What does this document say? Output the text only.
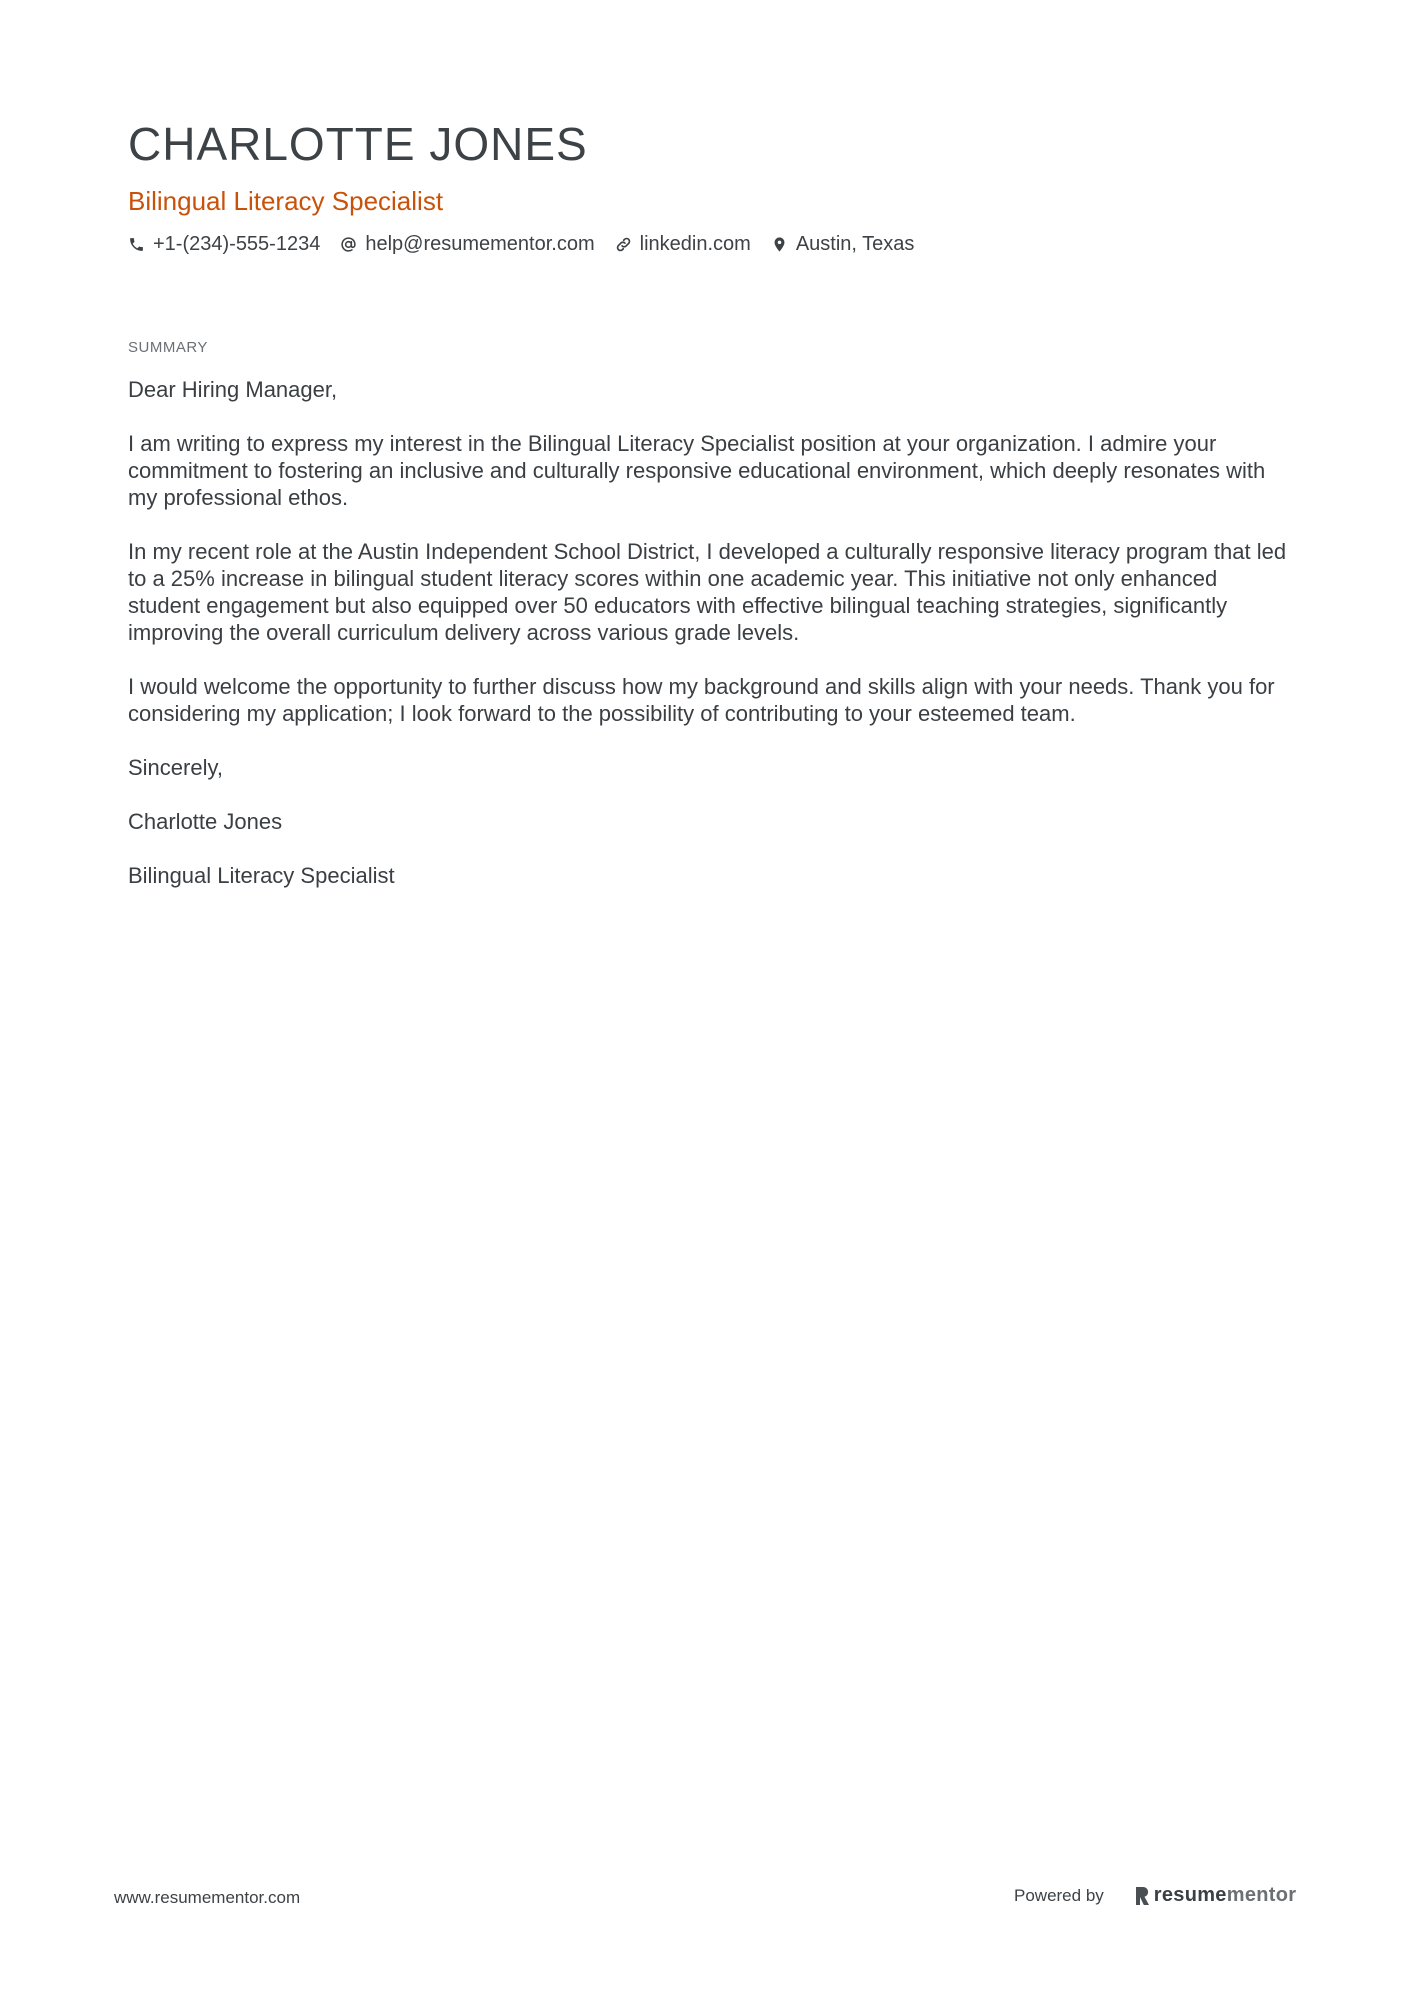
CHARLOTTE JONES
Bilingual Literacy Specialist
+1-(234)-555-1234 help@resumementor.com linkedin.com Austin, Texas
SUMMARY

Dear Hiring Manager,

I am writing to express my interest in the Bilingual Literacy Specialist position at your organization. I admire your commitment to fostering an inclusive and culturally responsive educational environment, which deeply resonates with my professional ethos.

In my recent role at the Austin Independent School District, I developed a culturally responsive literacy program that led to a 25% increase in bilingual student literacy scores within one academic year. This initiative not only enhanced student engagement but also equipped over 50 educators with effective bilingual teaching strategies, significantly improving the overall curriculum delivery across various grade levels.

I would welcome the opportunity to further discuss how my background and skills align with your needs. Thank you for considering my application; I look forward to the possibility of contributing to your esteemed team.

Sincerely,

Charlotte Jones

Bilingual Literacy Specialist

www.resumementor.com	Powered by	resume mentor
